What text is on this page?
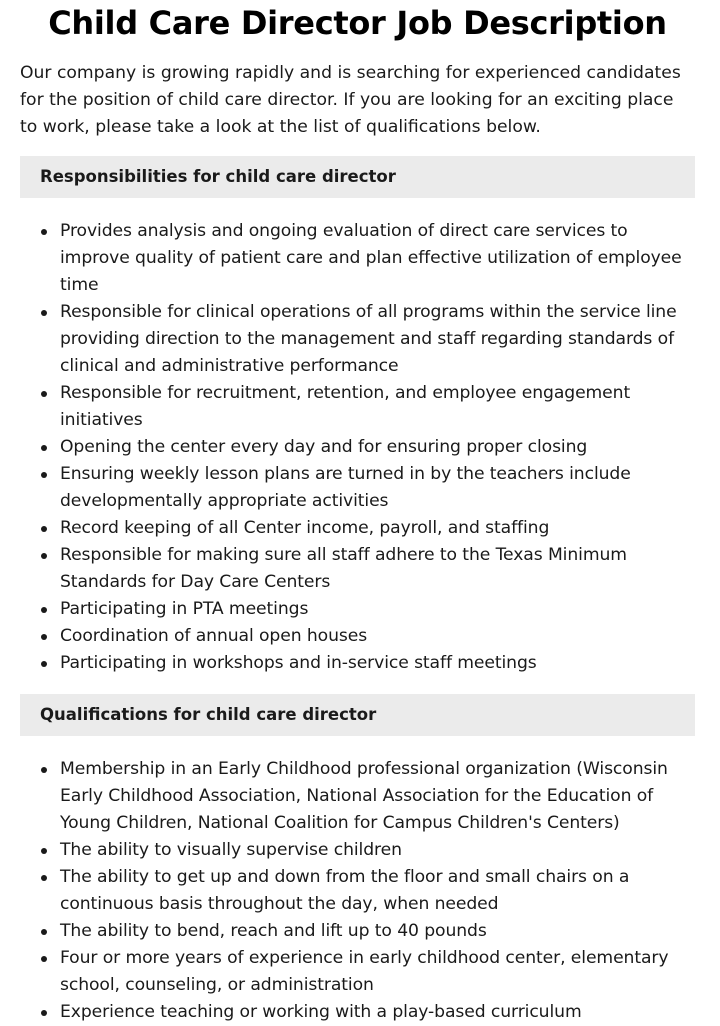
Child Care Director Job Description

Our company is growing rapidly and is searching for experienced candidates for the position of child care director. If you are looking for an exciting place to work, please take a look at the list of qualifications below.

Responsibilities for child care director
Provides analysis and ongoing evaluation of direct care services to improve quality of patient care and plan effective utilization of employee time
Responsible for clinical operations of all programs within the service line providing direction to the management and staff regarding standards of clinical and administrative performance
Responsible for recruitment, retention, and employee engagement initiatives
Opening the center every day and for ensuring proper closing
Ensuring weekly lesson plans are turned in by the teachers include developmentally appropriate activities
Record keeping of all Center income, payroll, and staffing
Responsible for making sure all staff adhere to the Texas Minimum Standards for Day Care Centers
Participating in PTA meetings
Coordination of annual open houses
Participating in workshops and in-service staff meetings
Qualifications for child care director
Membership in an Early Childhood professional organization (Wisconsin Early Childhood Association, National Association for the Education of Young Children, National Coalition for Campus Children's Centers)
The ability to visually supervise children
The ability to get up and down from the floor and small chairs on a continuous basis throughout the day, when needed
The ability to bend, reach and lift up to 40 pounds
Four or more years of experience in early childhood center, elementary school, counseling, or administration
Experience teaching or working with a play-based curriculum
